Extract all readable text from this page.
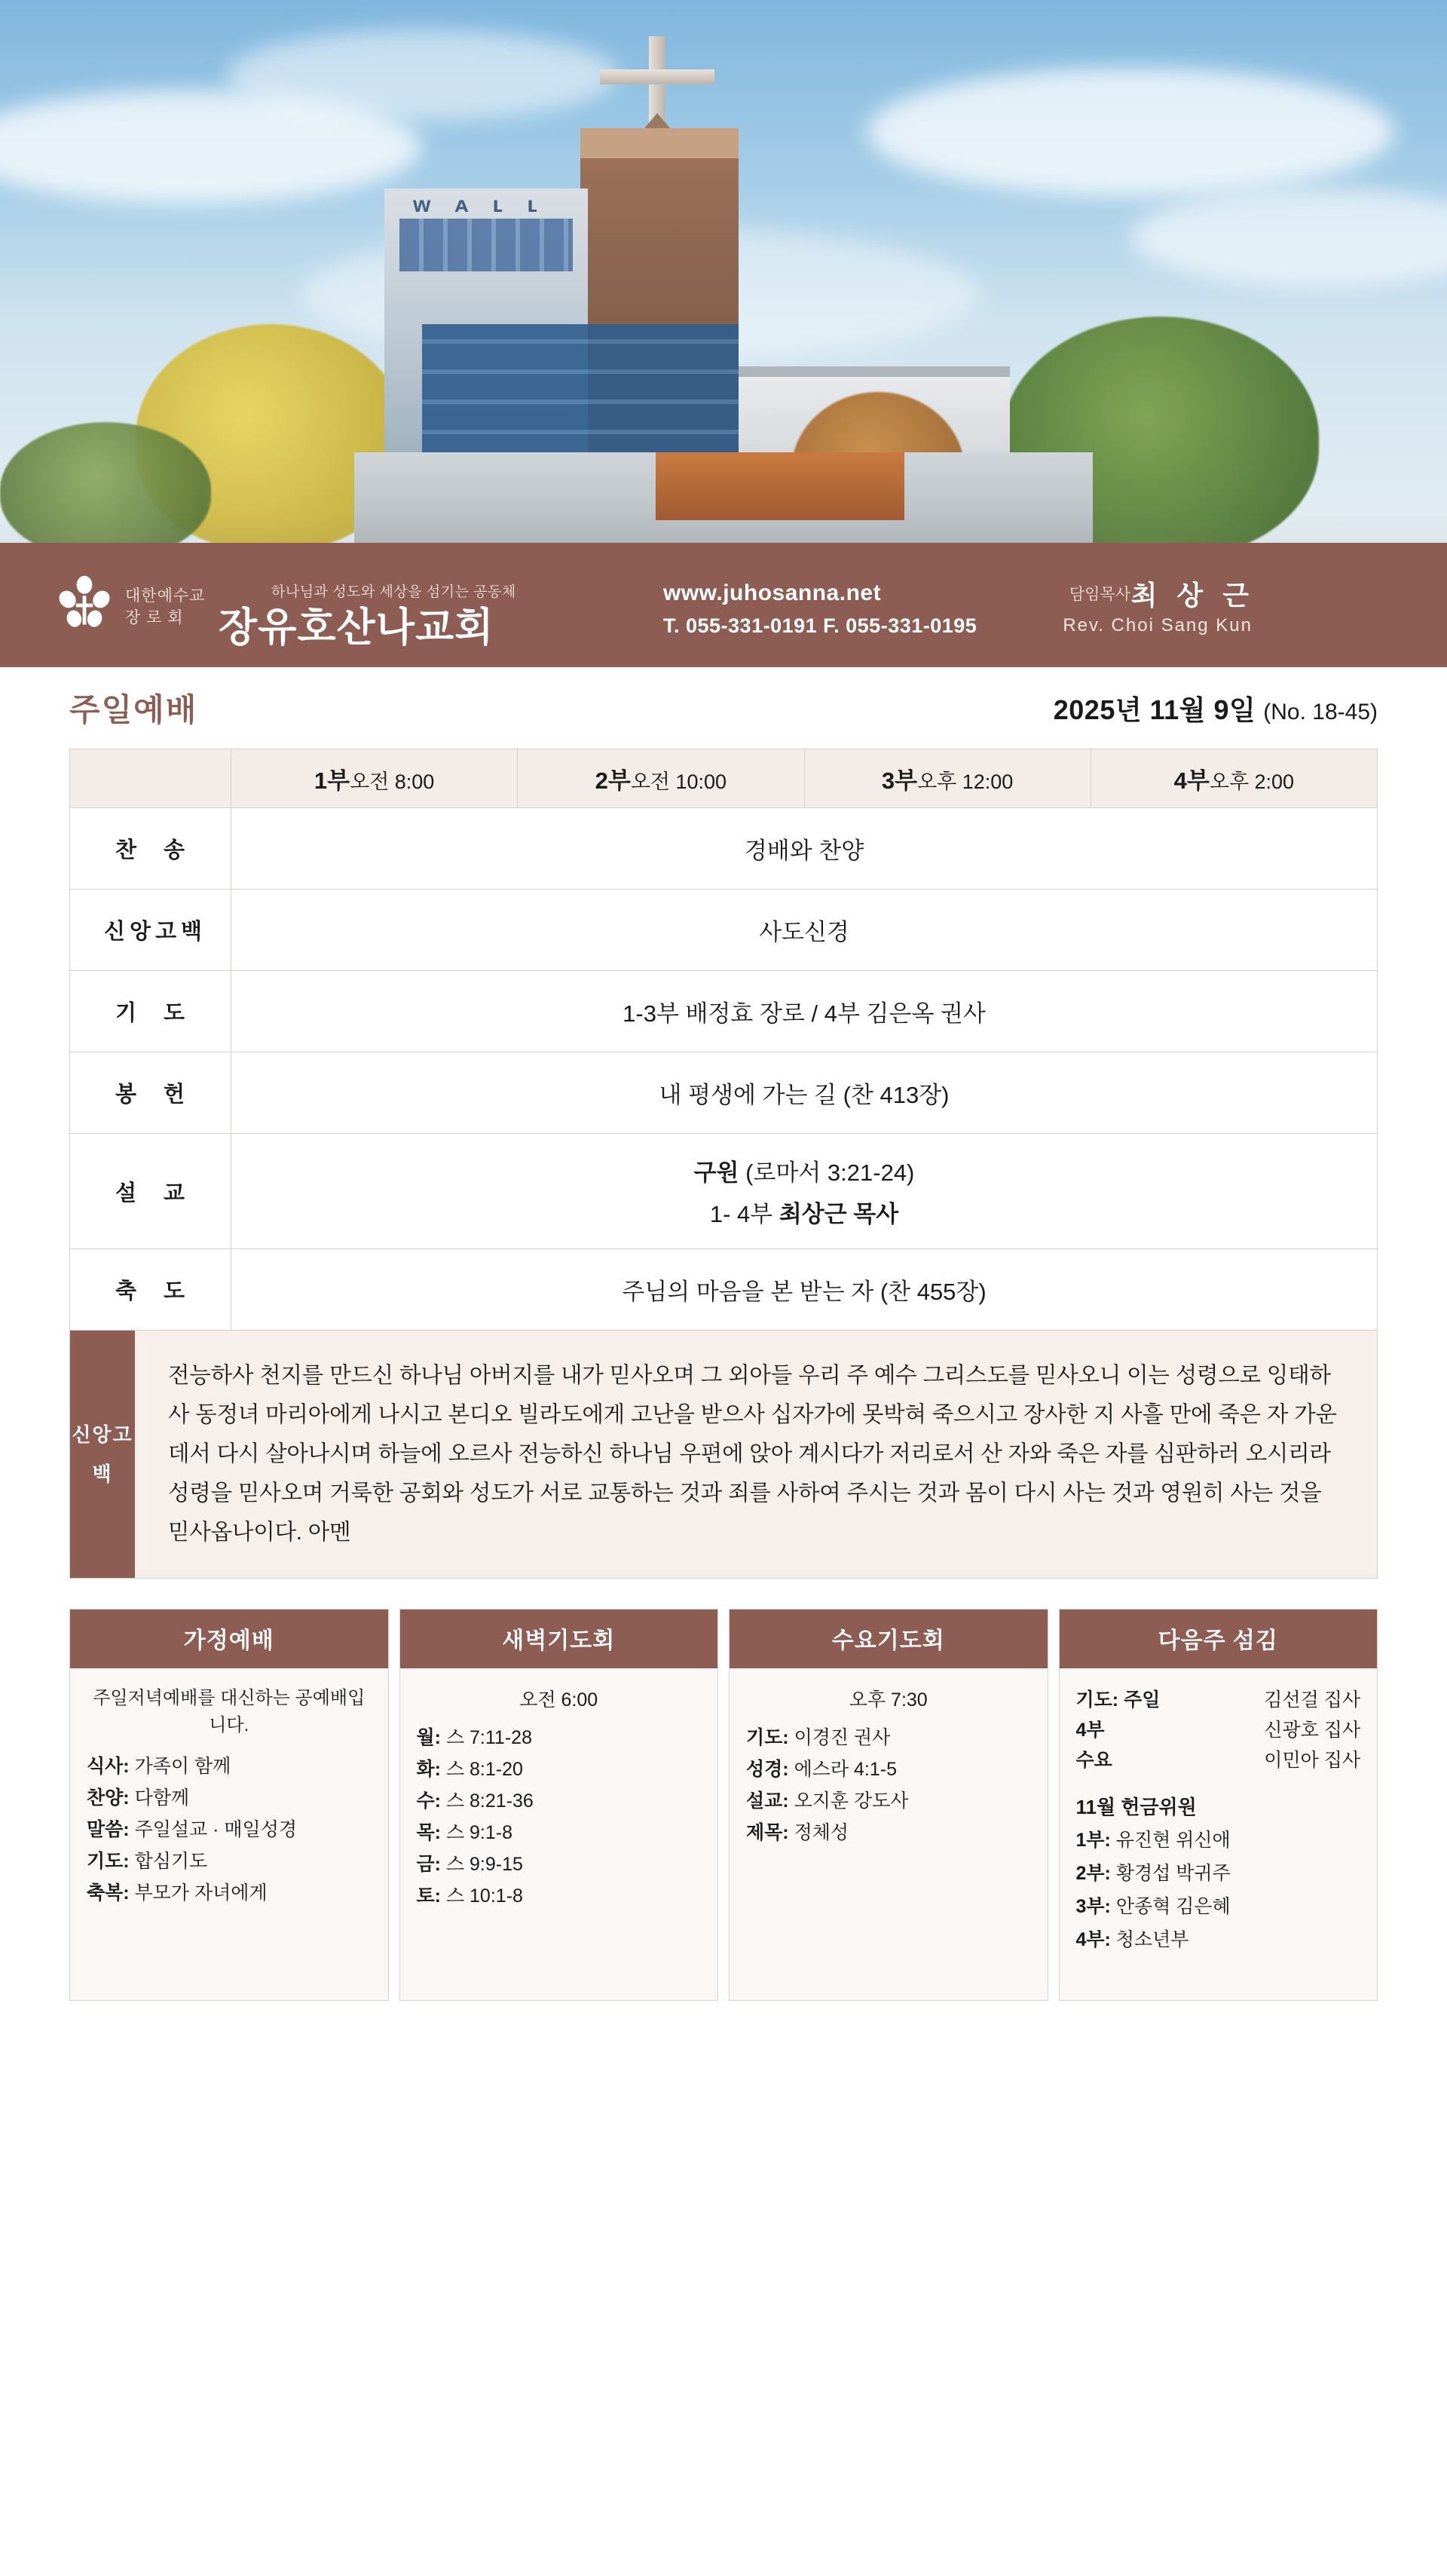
ᴡ ᴀ ʟ ʟ
대한예수교
장 로 회
하나님과 성도와 세상을 섬기는 공동체
장유호산나교회
www.juhosanna.net
T. 055-331-0191 F. 055-331-0195
담임목사 최 상 근
Rev. Choi Sang Kun
주일예배	2025년 11월 9일 (No. 18-45)
	1부오전 8:00	2부오전 10:00	3부오후 12:00	4부오후 2:00
찬 송	경배와 찬양			
신앙고백	사도신경			
기 도	1-3부 배정효 장로 / 4부 김은옥 권사			
봉 헌	내 평생에 가는 길 (찬 413장)			
설 교	구원 (로마서 3:21-24)
1- 4부 최상근 목사			

축 도	주님의 마음을 본 받는 자 (찬 455장)			
신앙고백
전능하사 천지를 만드신 하나님 아버지를 내가 믿사오며 그 외아들 우리 주 예수 그리스도를 믿사오니 이는 성령으로 잉태하사 동정녀 마리아에게 나시고 본디오 빌라도에게 고난을 받으사 십자가에 못박혀 죽으시고 장사한 지 사흘 만에 죽은 자 가운데서 다시 살아나시며 하늘에 오르사 전능하신 하나님 우편에 앉아 계시다가 저리로서 산 자와 죽은 자를 심판하러 오시리라 성령을 믿사오며 거룩한 공회와 성도가 서로 교통하는 것과 죄를 사하여 주시는 것과 몸이 다시 사는 것과 영원히 사는 것을 믿사옵나이다. 아멘
가정예배
주일저녁예배를 대신하는 공예배입니다.
식사: 가족이 함께
찬양: 다함께
말씀: 주일설교 · 매일성경
기도: 합심기도
축복: 부모가 자녀에게
새벽기도회
오전 6:00
월: 스 7:11-28
화: 스 8:1-20
수: 스 8:21-36
목: 스 9:1-8
금: 스 9:9-15
토: 스 10:1-8
수요기도회
오후 7:30
기도: 이경진 권사
성경: 에스라 4:1-5
설교: 오지훈 강도사
제목: 정체성
다음주 섬김
기도: 주일	김선걸 집사
4부	신광호 집사
수요	이민아 집사
11월 헌금위원
1부: 유진현 위신애
2부: 황경섭 박귀주
3부: 안종혁 김은혜
4부: 청소년부
